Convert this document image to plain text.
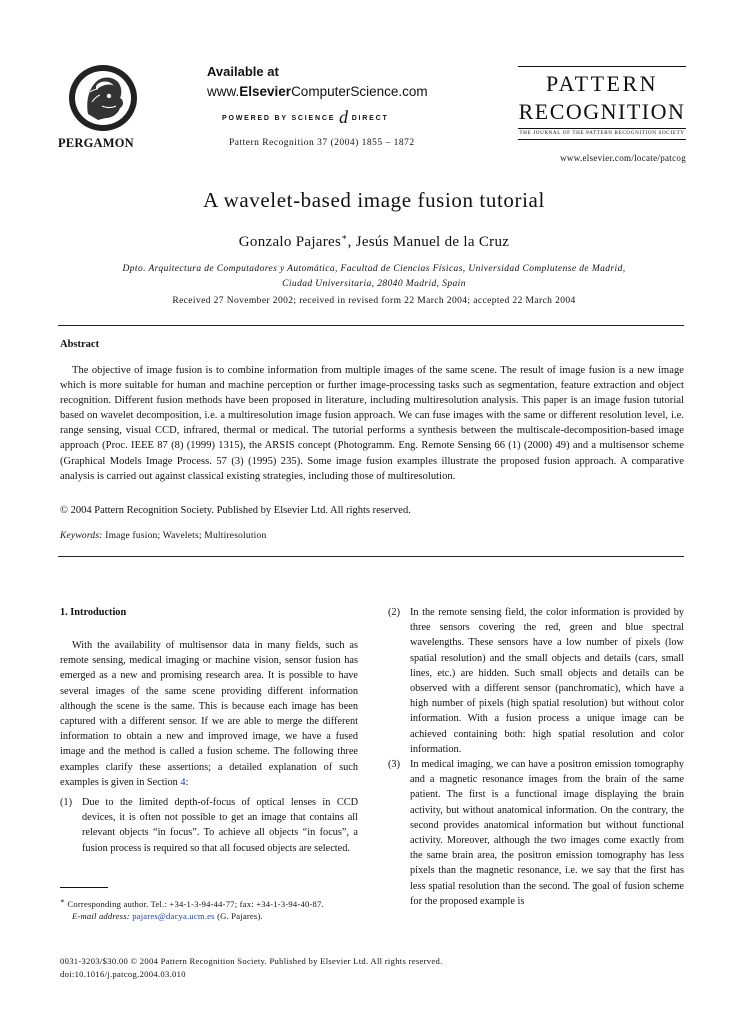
PERGAMON
Available at
www.ElsevierComputerScience.com
POWERED BY SCIENCE d DIRECT
Pattern Recognition 37 (2004) 1855 – 1872
PATTERN
RECOGNITION
THE JOURNAL OF THE PATTERN RECOGNITION SOCIETY
www.elsevier.com/locate/patcog
A wavelet-based image fusion tutorial
Gonzalo Pajares∗, Jesús Manuel de la Cruz
Dpto. Arquitectura de Computadores y Automática, Facultad de Ciencias Físicas, Universidad Complutense de Madrid,
Ciudad Universitaria, 28040 Madrid, Spain
Received 27 November 2002; received in revised form 22 March 2004; accepted 22 March 2004
Abstract

The objective of image fusion is to combine information from multiple images of the same scene. The result of image fusion is a new image which is more suitable for human and machine perception or further image-processing tasks such as segmentation, feature extraction and object recognition. Different fusion methods have been proposed in literature, including multiresolution analysis. This paper is an image fusion tutorial based on wavelet decomposition, i.e. a multiresolution image fusion approach. We can fuse images with the same or different resolution level, i.e. range sensing, visual CCD, infrared, thermal or medical. The tutorial performs a synthesis between the multiscale-decomposition-based image approach (Proc. IEEE 87 (8) (1999) 1315), the ARSIS concept (Photogramm. Eng. Remote Sensing 66 (1) (2000) 49) and a multisensor scheme (Graphical Models Image Process. 57 (3) (1995) 235). Some image fusion examples illustrate the proposed fusion approach. A comparative analysis is carried out against classical existing strategies, including those of multiresolution.

© 2004 Pattern Recognition Society. Published by Elsevier Ltd. All rights reserved.
Keywords: Image fusion; Wavelets; Multiresolution
1. Introduction

With the availability of multisensor data in many fields, such as remote sensing, medical imaging or machine vision, sensor fusion has emerged as a new and promising research area. It is possible to have several images of the same scene providing different information although the scene is the same. This is because each image has been captured with a different sensor. If we are able to merge the different information to obtain a new and improved image, we have a fused image and the method is called a fusion scheme. The following three examples clarify these assertions; a detailed explanation of such examples is given in Section 4:

(1) Due to the limited depth-of-focus of optical lenses in CCD devices, it is often not possible to get an image that contains all relevant objects “in focus”. To achieve all objects “in focus”, a fusion process is required so that all focused objects are selected.
∗ Corresponding author. Tel.: +34-1-3-94-44-77; fax: +34-1-3-94-40-87.
E-mail address: pajares@dacya.ucm.es (G. Pajares).
(2) In the remote sensing field, the color information is provided by three sensors covering the red, green and blue spectral wavelengths. These sensors have a low number of pixels (low spatial resolution) and the small objects and details (cars, small lines, etc.) are hidden. Such small objects and details can be observed with a different sensor (panchromatic), which have a high number of pixels (high spatial resolution) but without color information. With a fusion process a unique image can be achieved containing both: high spatial resolution and color information.
(3) In medical imaging, we can have a positron emission tomography and a magnetic resonance images from the brain of the same patient. The first is a functional image displaying the brain activity, but without anatomical information. On the contrary, the second provides anatomical information but without functional activity. Moreover, although the two images come exactly from the same brain area, the positron emission tomography has less pixels than the magnetic resonance, i.e. we say that the first has less spatial resolution than the second. The goal of fusion scheme for the proposed example is
0031-3203/$30.00 © 2004 Pattern Recognition Society. Published by Elsevier Ltd. All rights reserved.
doi:10.1016/j.patcog.2004.03.010
